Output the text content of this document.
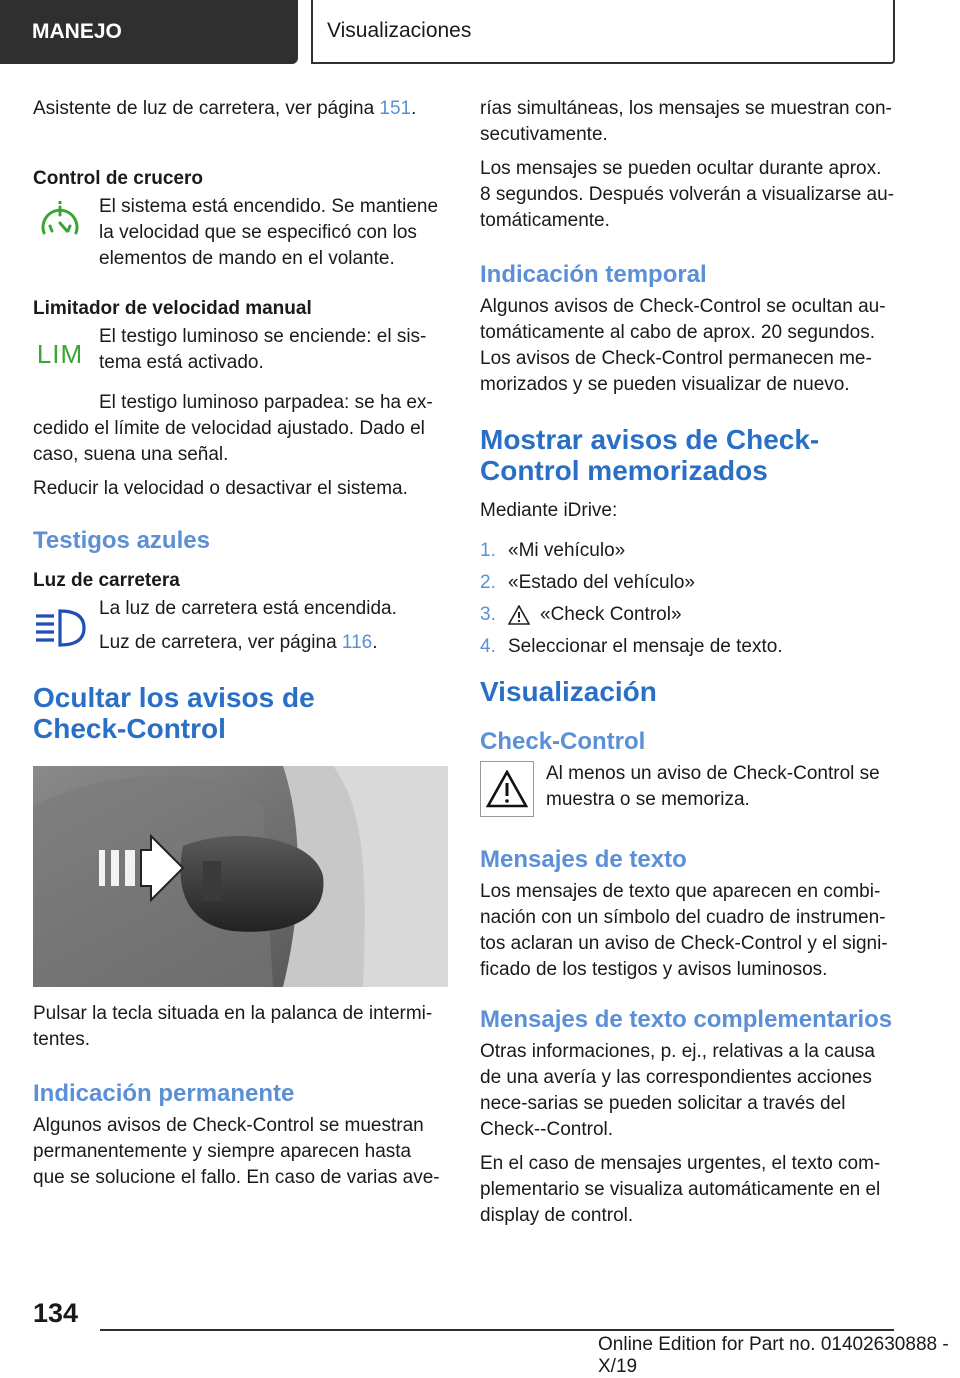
MANEJO	Visualizaciones

Asistente de luz de carretera, ver página 151.

Control de crucero

El sistema está encendido. Se mantiene la velocidad que se especificó con los elementos de mando en el volante.

Limitador de velocidad manual

LIM

El testigo luminoso se enciende: el sis-tema está activado.

El testigo luminoso parpadea: se ha ex-cedido el límite de velocidad ajustado. Dado el caso, suena una señal.

Reducir la velocidad o desactivar el sistema.

Testigos azules

Luz de carretera

La luz de carretera está encendida.

Luz de carretera, ver página 116.

Ocultar los avisos de Check-Control

Pulsar la tecla situada en la palanca de intermi-tentes.

Indicación permanente

Algunos avisos de Check-Control se muestran permanentemente y siempre aparecen hasta que se solucione el fallo. En caso de varias ave-

rías simultáneas, los mensajes se muestran con-secutivamente.

Los mensajes se pueden ocultar durante aprox. 8 segundos. Después volverán a visualizarse au-tomáticamente.

Indicación temporal

Algunos avisos de Check-Control se ocultan au-tomáticamente al cabo de aprox. 20 segundos. Los avisos de Check-Control permanecen me-morizados y se pueden visualizar de nuevo.

Mostrar avisos de Check-Control memorizados

Mediante iDrive:

1. «Mi vehículo»
2. «Estado del vehículo»
3.	«Check Control»
4. Seleccionar el mensaje de texto.

Visualización

Check-Control

Al menos un aviso de Check-Control se muestra o se memoriza.

Mensajes de texto

Los mensajes de texto que aparecen en combi-nación con un símbolo del cuadro de instrumen-tos aclaran un aviso de Check-Control y el signi-ficado de los testigos y avisos luminosos.

Mensajes de texto complementarios

Otras informaciones, p. ej., relativas a la causa de una avería y las correspondientes acciones nece-sarias se pueden solicitar a través del Check--Control.

En el caso de mensajes urgentes, el texto com-plementario se visualiza automáticamente en el display de control.

134
Online Edition for Part no. 01402630888 - X/19
